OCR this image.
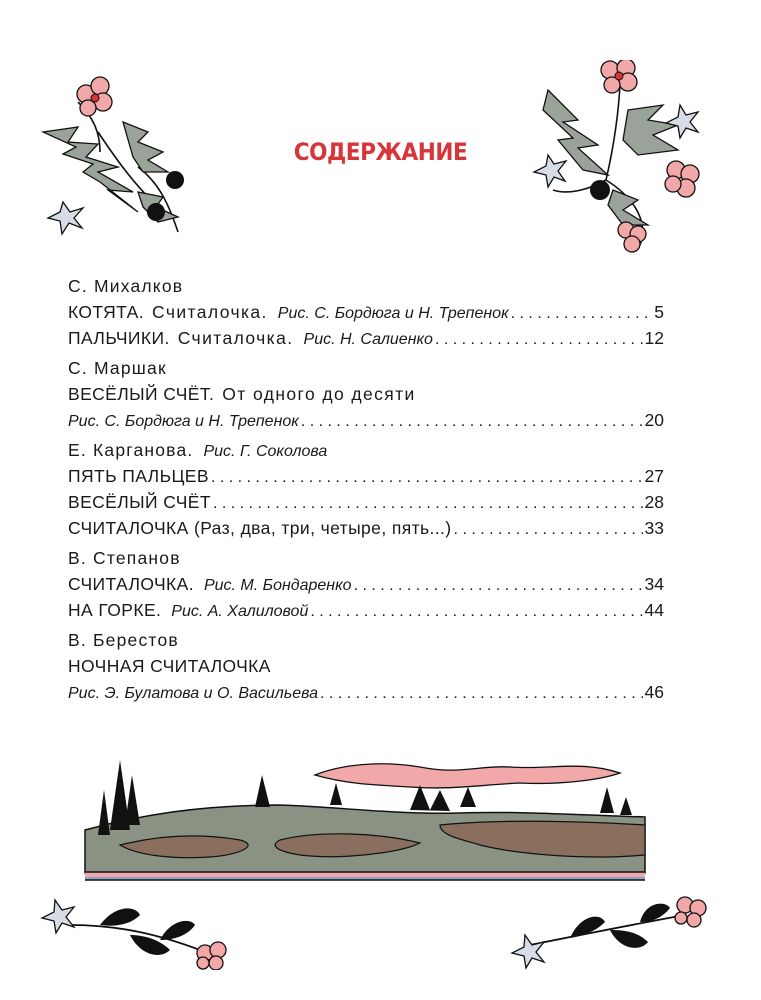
СОДЕРЖАНИЕ
С. Михалков
КОТЯТА. Считалочка. Рис. С. Бордюга и Н. Трепенок . . .	5
ПАЛЬЧИКИ. Считалочка. Рис. Н. Салиенко . . .	12
С. Маршак
ВЕСЁЛЫЙ СЧЁТ. От одного до десяти
Рис. С. Бордюга и Н. Трепенок . . .	20
Е. Карганова. Рис. Г. Соколова
ПЯТЬ ПАЛЬЦЕВ . . .	27
ВЕСЁЛЫЙ СЧЁТ . . .	28
СЧИТАЛОЧКА (Раз, два, три, четыре, пять...) . . .	33
В. Степанов
СЧИТАЛОЧКА. Рис. М. Бондаренко . . .	34
НА ГОРКЕ. Рис. А. Халиловой . . .	44
В. Берестов
НОЧНАЯ СЧИТАЛОЧКА
Рис. Э. Булатова и О. Васильева . . .	46
